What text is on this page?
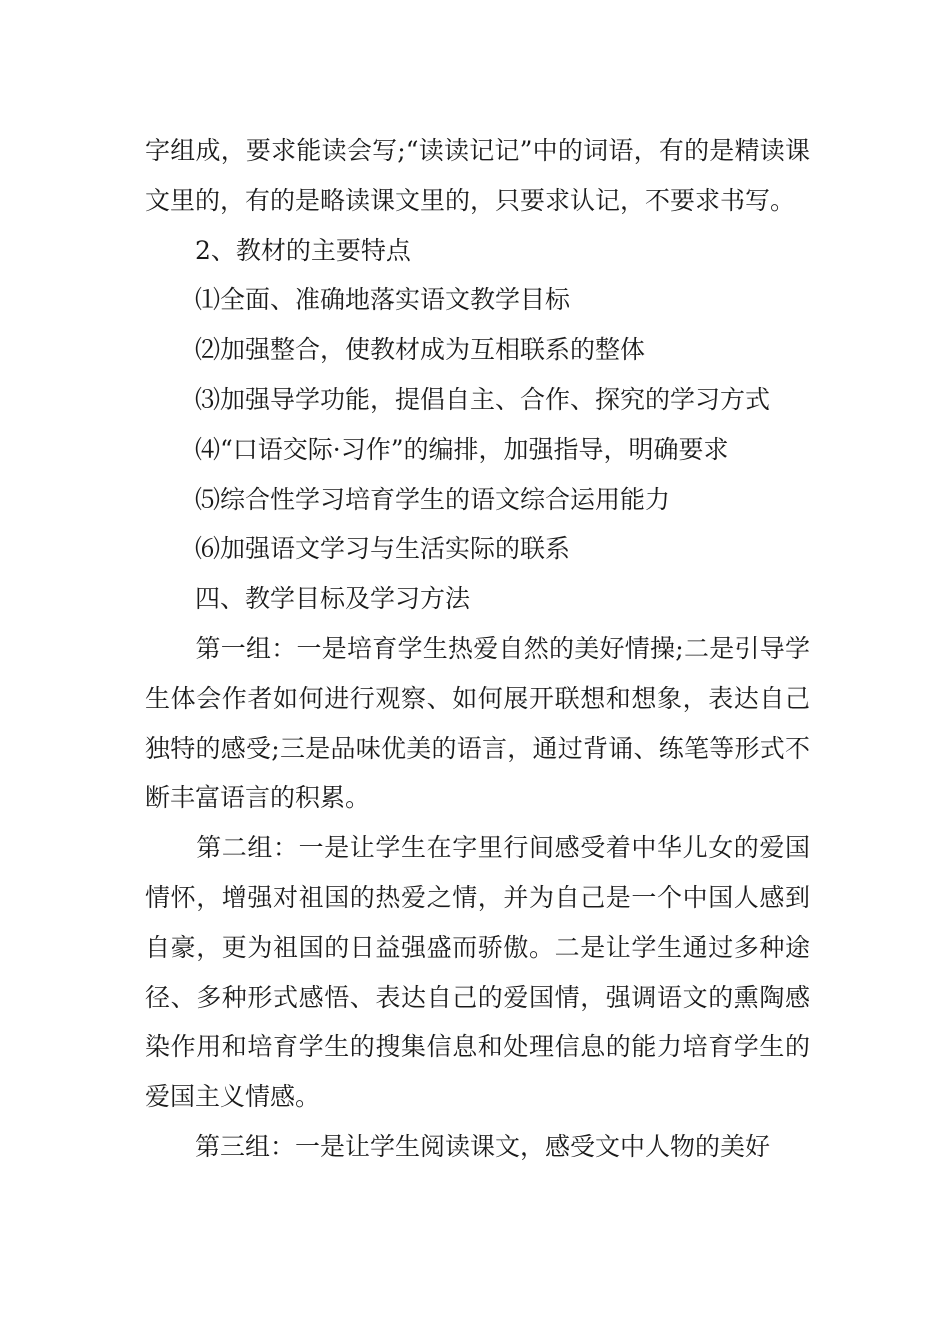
字组成，要求能读会写;“读读记记”中的词语，有的是精读课文里的，有的是略读课文里的，只要求认记，不要求书写。

　　2、教材的主要特点

　　⑴全面、准确地落实语文教学目标

　　⑵加强整合，使教材成为互相联系的整体

　　⑶加强导学功能，提倡自主、合作、探究的学习方式

　　⑷“口语交际·习作”的编排，加强指导，明确要求

　　⑸综合性学习培育学生的语文综合运用能力

　　⑹加强语文学习与生活实际的联系

　　四、教学目标及学习方法

　　第一组：一是培育学生热爱自然的美好情操;二是引导学生体会作者如何进行观察、如何展开联想和想象，表达自己独特的感受;三是品味优美的语言，通过背诵、练笔等形式不断丰富语言的积累。

　　第二组：一是让学生在字里行间感受着中华儿女的爱国情怀，增强对祖国的热爱之情，并为自己是一个中国人感到自豪，更为祖国的日益强盛而骄傲。二是让学生通过多种途径、多种形式感悟、表达自己的爱国情，强调语文的熏陶感染作用和培育学生的搜集信息和处理信息的能力培育学生的爱国主义情感。

　　第三组：一是让学生阅读课文，感受文中人物的美好
